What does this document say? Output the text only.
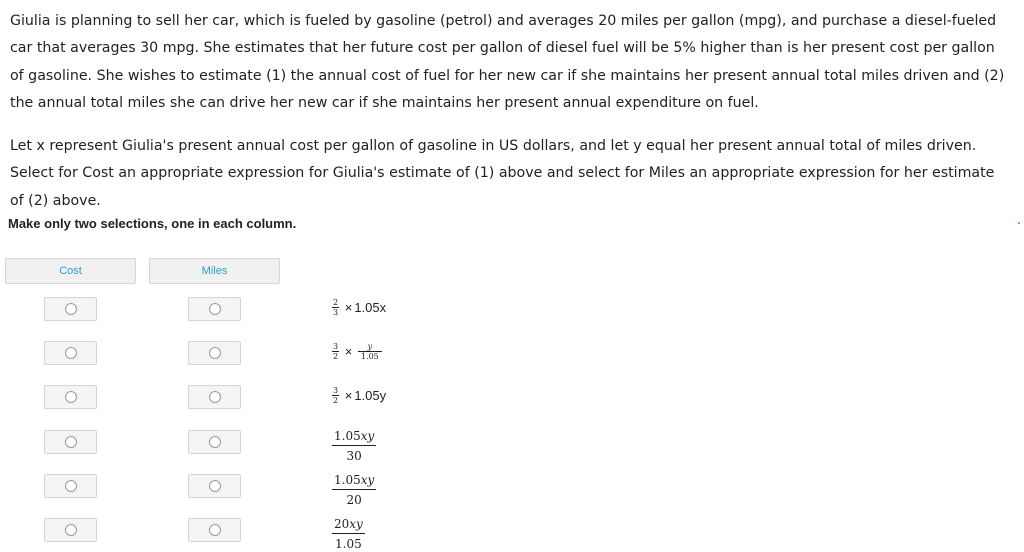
Giulia is planning to sell her car, which is fueled by gasoline (petrol) and averages 20 miles per gallon (mpg), and purchase a diesel-fueled car that averages 30 mpg. She estimates that her future cost per gallon of diesel fuel will be 5% higher than is her present cost per gallon of gasoline. She wishes to estimate (1) the annual cost of fuel for her new car if she maintains her present annual total miles driven and (2) the annual total miles she can drive her new car if she maintains her present annual expenditure on fuel.

Let x represent Giulia's present annual cost per gallon of gasoline in US dollars, and let y equal her present annual total of miles driven. Select for Cost an appropriate expression for Giulia's estimate of (1) above and select for Miles an appropriate expression for her estimate of (2) above.

Make only two selections, one in each column.
Cost	Miles
$\frac{2}{3} \times 1.05x$
$\frac{3}{2} \times \frac{y}{1.05}$
$\frac{3}{2} \times 1.05y$
$\frac{1.05xy}{30}$
$\frac{1.05xy}{20}$
$\frac{20xy}{1.05}$
